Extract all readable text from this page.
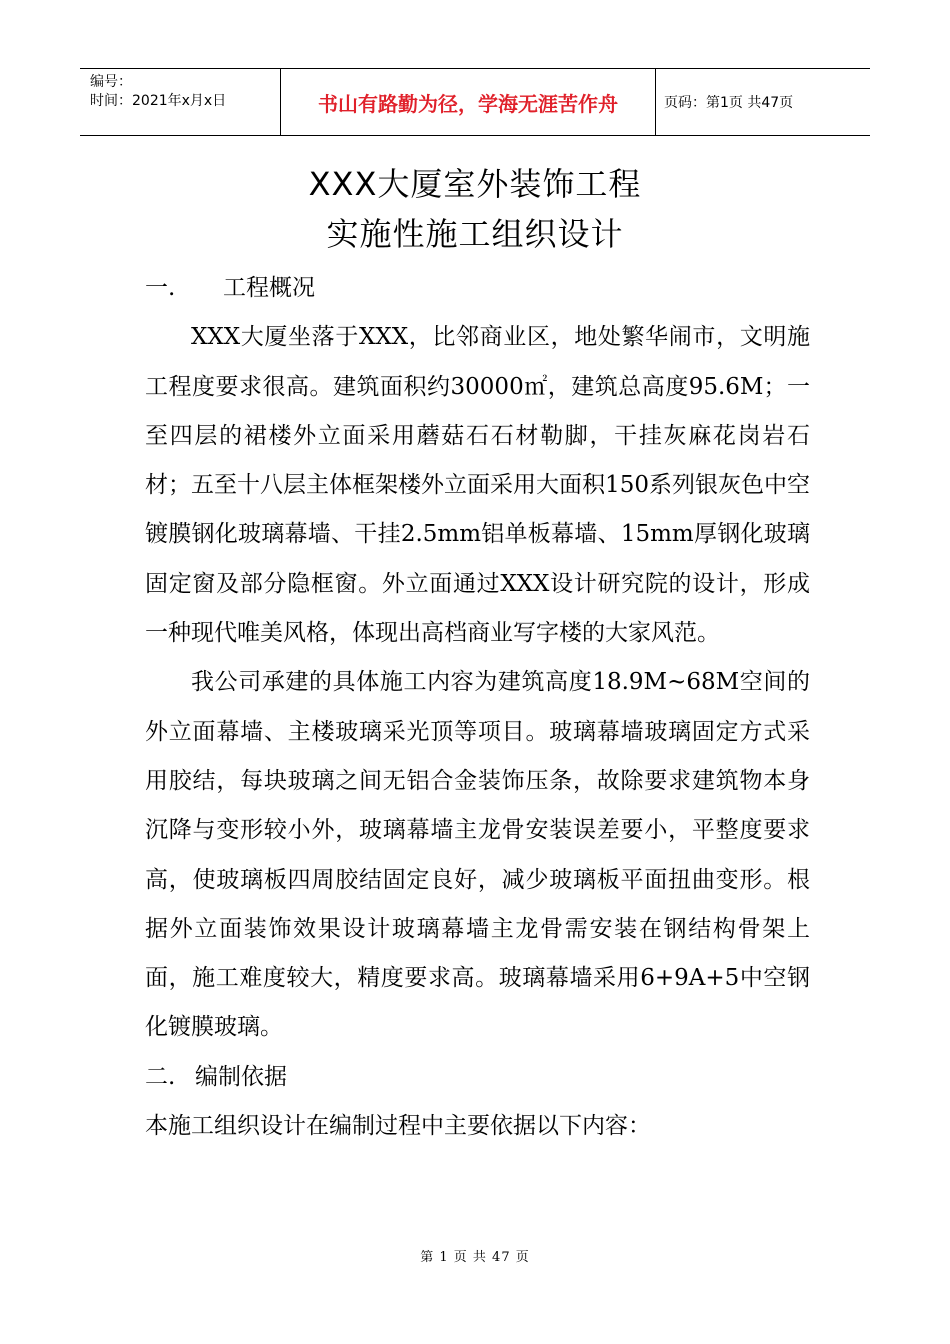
编号：
时间：2021年x月x日	书山有路勤为径，学海无涯苦作舟	页码：第1页 共47页
XXX大厦室外装饰工程
实施性施工组织设计

一. 工程概况

XXX大厦坐落于XXX，比邻商业区，地处繁华闹市，文明施工程度要求很高。建筑面积约30000㎡，建筑总高度95.6M；一至四层的裙楼外立面采用蘑菇石石材勒脚，干挂灰麻花岗岩石材；五至十八层主体框架楼外立面采用大面积150系列银灰色中空镀膜钢化玻璃幕墙、干挂2.5mm铝单板幕墙、15mm厚钢化玻璃固定窗及部分隐框窗。外立面通过XXX设计研究院的设计，形成一种现代唯美风格，体现出高档商业写字楼的大家风范。

我公司承建的具体施工内容为建筑高度18.9M~68M空间的外立面幕墙、主楼玻璃采光顶等项目。玻璃幕墙玻璃固定方式采用胶结，每块玻璃之间无铝合金装饰压条，故除要求建筑物本身沉降与变形较小外，玻璃幕墙主龙骨安装误差要小，平整度要求高，使玻璃板四周胶结固定良好，减少玻璃板平面扭曲变形。根据外立面装饰效果设计玻璃幕墙主龙骨需安装在钢结构骨架上面，施工难度较大，精度要求高。玻璃幕墙采用6+9A+5中空钢化镀膜玻璃。

二. 编制依据

本施工组织设计在编制过程中主要依据以下内容：

第 1 页 共 47 页
